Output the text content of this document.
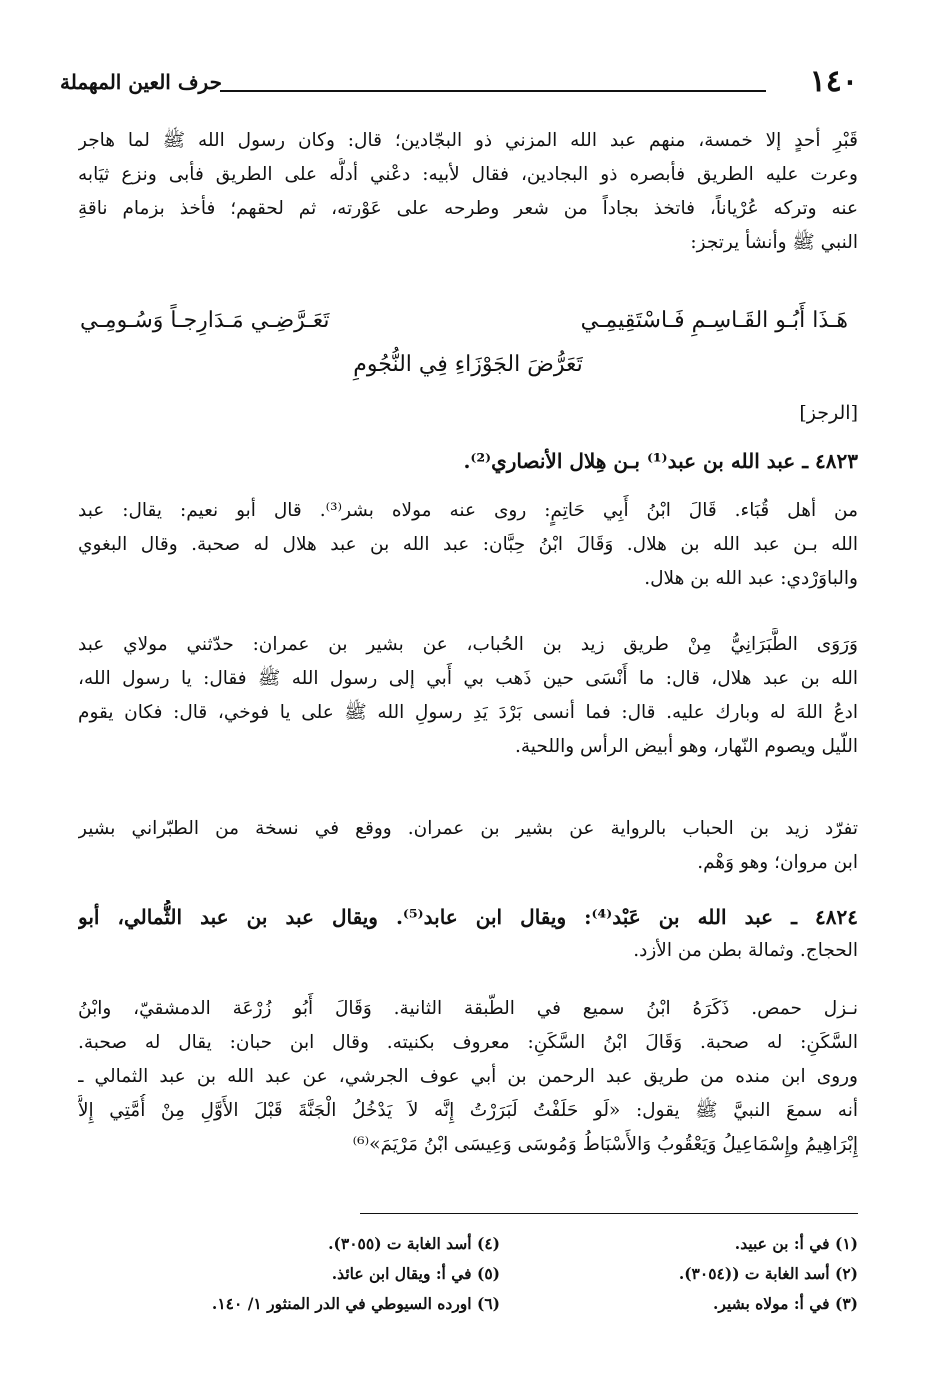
١٤٠
حرف العين المهملة
قَبْرِ أحدٍ إلا خمسة، منهم عبد الله المزني ذو البجّادين؛ قال: وكان رسول الله ﷺ لما هاجر
وعرت عليه الطريق فأبصره ذو البجادين، فقال لأبيه: دعْني أدلُّه على الطريق فأبى ونزع ثيَابه
عنه وتركه عُرْياناً، فاتخذ بجاداً من شعر وطرحه على عَوْرته، ثم لحقهم؛ فأخذ بزمام ناقةِ
النبي ﷺ وأنشأ يرتجز:
هَـذَا أَبُـو القَـاسِـمِ فَـاسْتَقِيمِـي
تَعَـرَّضِـي مَـدَارِجـاً وَسُـومِـي
تَعَرُّضَ الجَوْزَاءِ فِي النُّجُومِ
[الرجز]
٤٨٢٣ ـ عبد الله بن عبد⁽¹⁾ بـن هِلال الأنصاري⁽²⁾.
من أهل قُبَاء. قَالَ ابْنُ أَبِي حَاتِمٍ: روى عنه مولاه بشر⁽³⁾. قال أبو نعيم: يقال: عبد
الله بـن عبد الله بن هلال. وَقَالَ ابْنُ حِبَّان: عبد الله بن عبد هلال له صحبة. وقال البغوي
والباوَرْدي: عبد الله بن هلال.
وَرَوَى الطَّبَرَانِيُّ مِنْ طريق زيد بن الحُباب، عن بشير بن عمران: حدّثني مولاي عبد
الله بن عبد هلال، قال: ما أَنْسَى حين ذَهب بي أَبي إلى رسول الله ﷺ فقال: يا رسول الله،
ادعُ اللهَ له وبارك عليه. قال: فما أنسى بَرْدَ يَدِ رسولِ الله ﷺ على يا فوخي، قال: فكان يقوم
اللّيل ويصوم النّهار، وهو أبيض الرأس واللحية.
تفرّد زيد بن الحباب بالرواية عن بشير بن عمران. ووقع في نسخة من الطبّراني بشير
ابن مروان؛ وهو وَهْم.
٤٨٢٤ ـ عبد الله بن عَبْد⁽⁴⁾: ويقال ابن عابد⁽⁵⁾. ويقال عبد بن عبد الثُّمالي، أبو
الحجاج. وثمالة بطن من الأزد.
نـزل حمص. ذَكَرَهُ ابْنُ سميع في الطّبقة الثانية. وَقَالَ أَبُو زُرْعَة الدمشقيّ، وابْنُ
السَّكَنِ: له صحبة. وَقَالَ ابْنُ السَّكَنِ: معروف بكنيته. وقال ابن حبان: يقال له صحبة.
وروى ابن منده من طريق عبد الرحمن بن أبي عوف الجرشي، عن عبد الله بن عبد الثمالي ـ
أنه سمعَ النبيَّ ﷺ يقول: «لَو حَلَفْتُ لَبَرَرْتُ إِنَّه لاَ يَدْخُلُ الْجَنَّةَ قَبْلَ الأَوَّلِ مِنْ أُمَّتِي إِلاَّ
إِبْرَاهِيمُ وإِسْمَاعِيلُ وَيَعْقُوبُ وَالأَسْبَاطُ وَمُوسَى وَعِيسَى ابْنُ مَرْيَمَ»⁽⁶⁾
(١) في أ: بن عبيد.
(٢) أسد الغابة ت ((٣٠٥٤).
(٣) في أ: مولاه بشير.
(٤) أسد الغابة ت (٣٠٥٥).
(٥) في أ: ويقال ابن عائذ.
(٦) اورده السيوطي في الدر المنثور ١/ ١٤٠.
